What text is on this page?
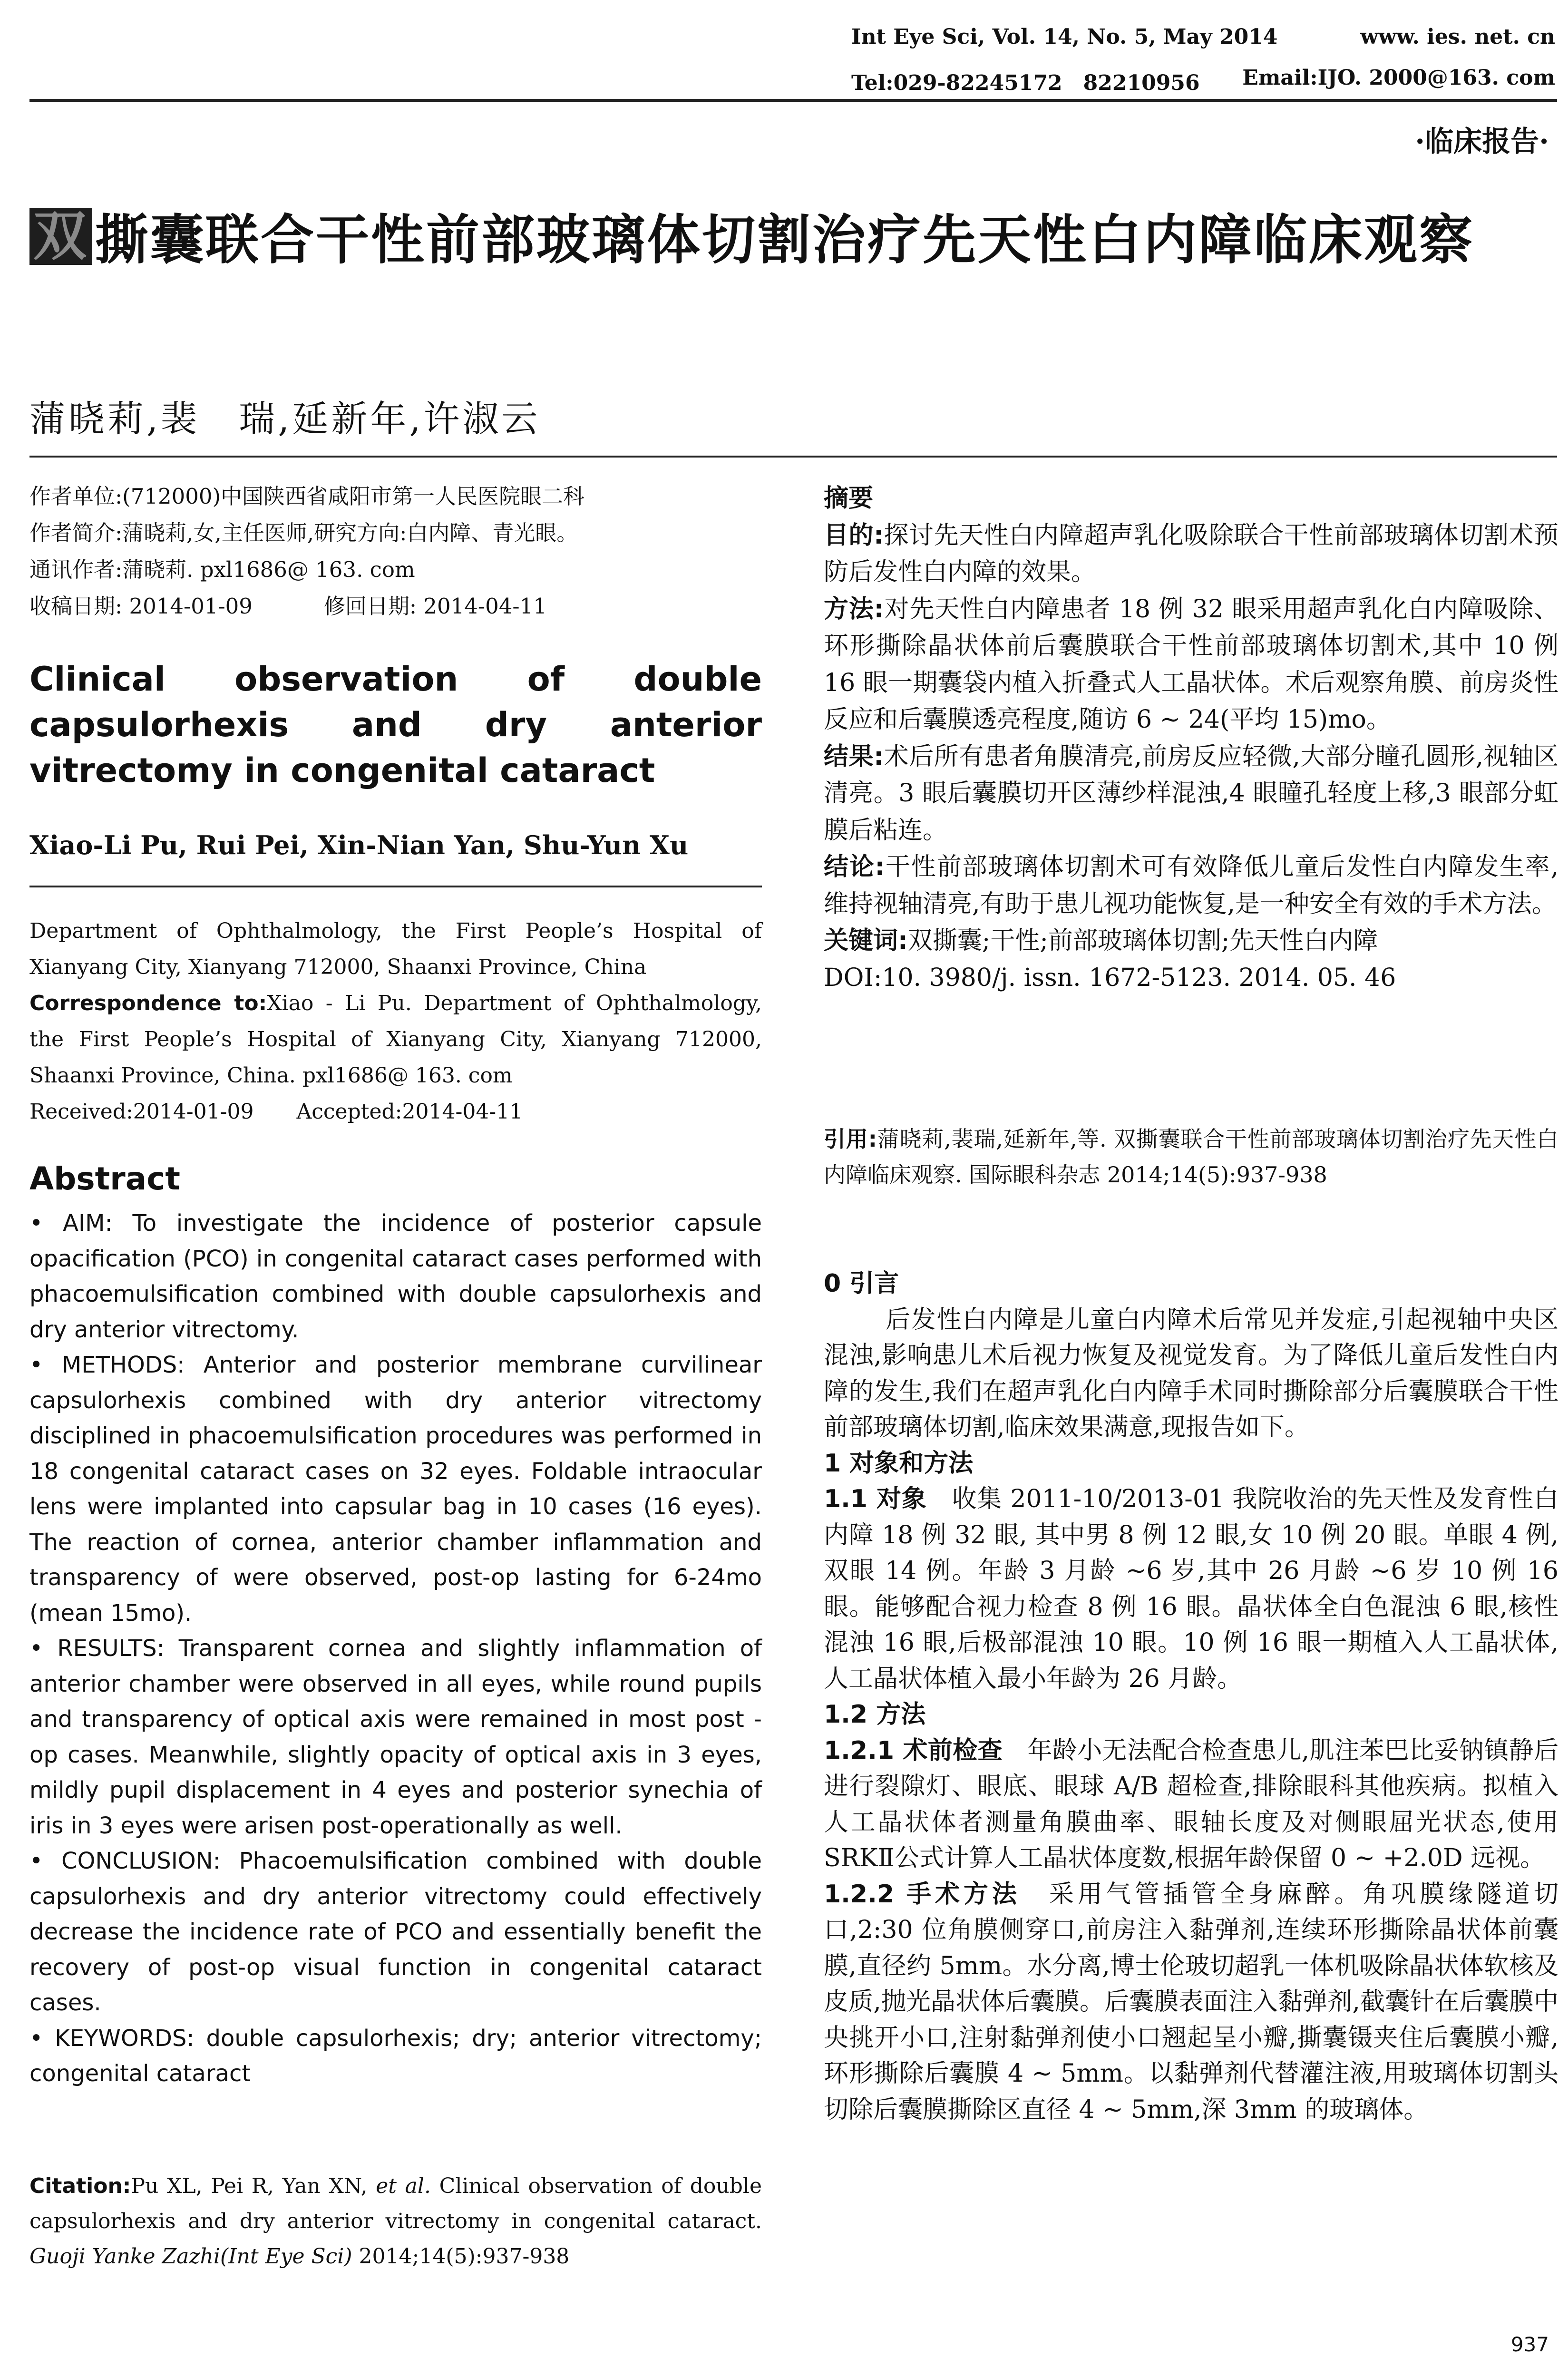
Int Eye Sci, Vol. 14, No. 5, May 2014	www. ies. net. cn
Tel:029-82245172　82210956 Email:IJO. 2000@163. com
·临床报告·
双 撕囊联合干性前部玻璃体切割治疗先天性白内障临床观察
蒲晓莉,裴　瑞,延新年,许淑云
作者单位:(712000)中国陕西省咸阳市第一人民医院眼二科
作者简介:蒲晓莉,女,主任医师,研究方向:白内障、青光眼。
通讯作者:蒲晓莉. pxl1686@ 163. com
收稿日期: 2014-01-09	修回日期: 2014-04-11
Clinical observation of double capsulorhexis and dry anterior vitrectomy in congenital cataract
Xiao-Li Pu, Rui Pei, Xin-Nian Yan, Shu-Yun Xu

Department of Ophthalmology, the First People’s Hospital of Xianyang City, Xianyang 712000, Shaanxi Province, China

Correspondence to:Xiao - Li Pu. Department of Ophthalmology, the First People’s Hospital of Xianyang City, Xianyang 712000, Shaanxi Province, China. pxl1686@ 163. com

Received:2014-01-09 Accepted:2014-04-11

Abstract

• AIM: To investigate the incidence of posterior capsule opacification (PCO) in congenital cataract cases performed with phacoemulsification combined with double capsulorhexis and dry anterior vitrectomy.

• METHODS: Anterior and posterior membrane curvilinear capsulorhexis combined with dry anterior vitrectomy disciplined in phacoemulsification procedures was performed in 18 congenital cataract cases on 32 eyes. Foldable intraocular lens were implanted into capsular bag in 10 cases (16 eyes). The reaction of cornea, anterior chamber inflammation and transparency of were observed, post-op lasting for 6-24mo (mean 15mo).

• RESULTS: Transparent cornea and slightly inflammation of anterior chamber were observed in all eyes, while round pupils and transparency of optical axis were remained in most post - op cases. Meanwhile, slightly opacity of optical axis in 3 eyes, mildly pupil displacement in 4 eyes and posterior synechia of iris in 3 eyes were arisen post-operationally as well.

• CONCLUSION: Phacoemulsification combined with double capsulorhexis and dry anterior vitrectomy could effectively decrease the incidence rate of PCO and essentially benefit the recovery of post-op visual function in congenital cataract cases.

• KEYWORDS: double capsulorhexis; dry; anterior vitrectomy; congenital cataract

Citation:Pu XL, Pei R, Yan XN, et al. Clinical observation of double capsulorhexis and dry anterior vitrectomy in congenital cataract. Guoji Yanke Zazhi(Int Eye Sci) 2014;14(5):937-938

摘要

目的:探讨先天性白内障超声乳化吸除联合干性前部玻璃体切割术预防后发性白内障的效果。

方法:对先天性白内障患者 18 例 32 眼采用超声乳化白内障吸除、环形撕除晶状体前后囊膜联合干性前部玻璃体切割术,其中 10 例 16 眼一期囊袋内植入折叠式人工晶状体。术后观察角膜、前房炎性反应和后囊膜透亮程度,随访 6 ~ 24(平均 15)mo。

结果:术后所有患者角膜清亮,前房反应轻微,大部分瞳孔圆形,视轴区清亮。3 眼后囊膜切开区薄纱样混浊,4 眼瞳孔轻度上移,3 眼部分虹膜后粘连。

结论:干性前部玻璃体切割术可有效降低儿童后发性白内障发生率,维持视轴清亮,有助于患儿视功能恢复,是一种安全有效的手术方法。

关键词:双撕囊;干性;前部玻璃体切割;先天性白内障

DOI:10. 3980/j. issn. 1672-5123. 2014. 05. 46

引用:蒲晓莉,裴瑞,延新年,等. 双撕囊联合干性前部玻璃体切割治疗先天性白内障临床观察. 国际眼科杂志 2014;14(5):937-938

0 引言

后发性白内障是儿童白内障术后常见并发症,引起视轴中央区混浊,影响患儿术后视力恢复及视觉发育。为了降低儿童后发性白内障的发生,我们在超声乳化白内障手术同时撕除部分后囊膜联合干性前部玻璃体切割,临床效果满意,现报告如下。

1 对象和方法

1.1 对象　收集 2011-10/2013-01 我院收治的先天性及发育性白内障 18 例 32 眼, 其中男 8 例 12 眼,女 10 例 20 眼。单眼 4 例,双眼 14 例。年龄 3 月龄 ~6 岁,其中 26 月龄 ~6 岁 10 例 16 眼。能够配合视力检查 8 例 16 眼。晶状体全白色混浊 6 眼,核性混浊 16 眼,后极部混浊 10 眼。10 例 16 眼一期植入人工晶状体,人工晶状体植入最小年龄为 26 月龄。

1.2 方法

1.2.1 术前检查　年龄小无法配合检查患儿,肌注苯巴比妥钠镇静后进行裂隙灯、眼底、眼球 A/B 超检查,排除眼科其他疾病。拟植入人工晶状体者测量角膜曲率、眼轴长度及对侧眼屈光状态,使用 SRKⅡ公式计算人工晶状体度数,根据年龄保留 0 ~ +2.0D 远视。

1.2.2 手术方法　采用气管插管全身麻醉。角巩膜缘隧道切口,2:30 位角膜侧穿口,前房注入黏弹剂,连续环形撕除晶状体前囊膜,直径约 5mm。水分离,博士伦玻切超乳一体机吸除晶状体软核及皮质,抛光晶状体后囊膜。后囊膜表面注入黏弹剂,截囊针在后囊膜中央挑开小口,注射黏弹剂使小口翘起呈小瓣,撕囊镊夹住后囊膜小瓣,环形撕除后囊膜 4 ~ 5mm。以黏弹剂代替灌注液,用玻璃体切割头切除后囊膜撕除区直径 4 ~ 5mm,深 3mm 的玻璃体。

937
